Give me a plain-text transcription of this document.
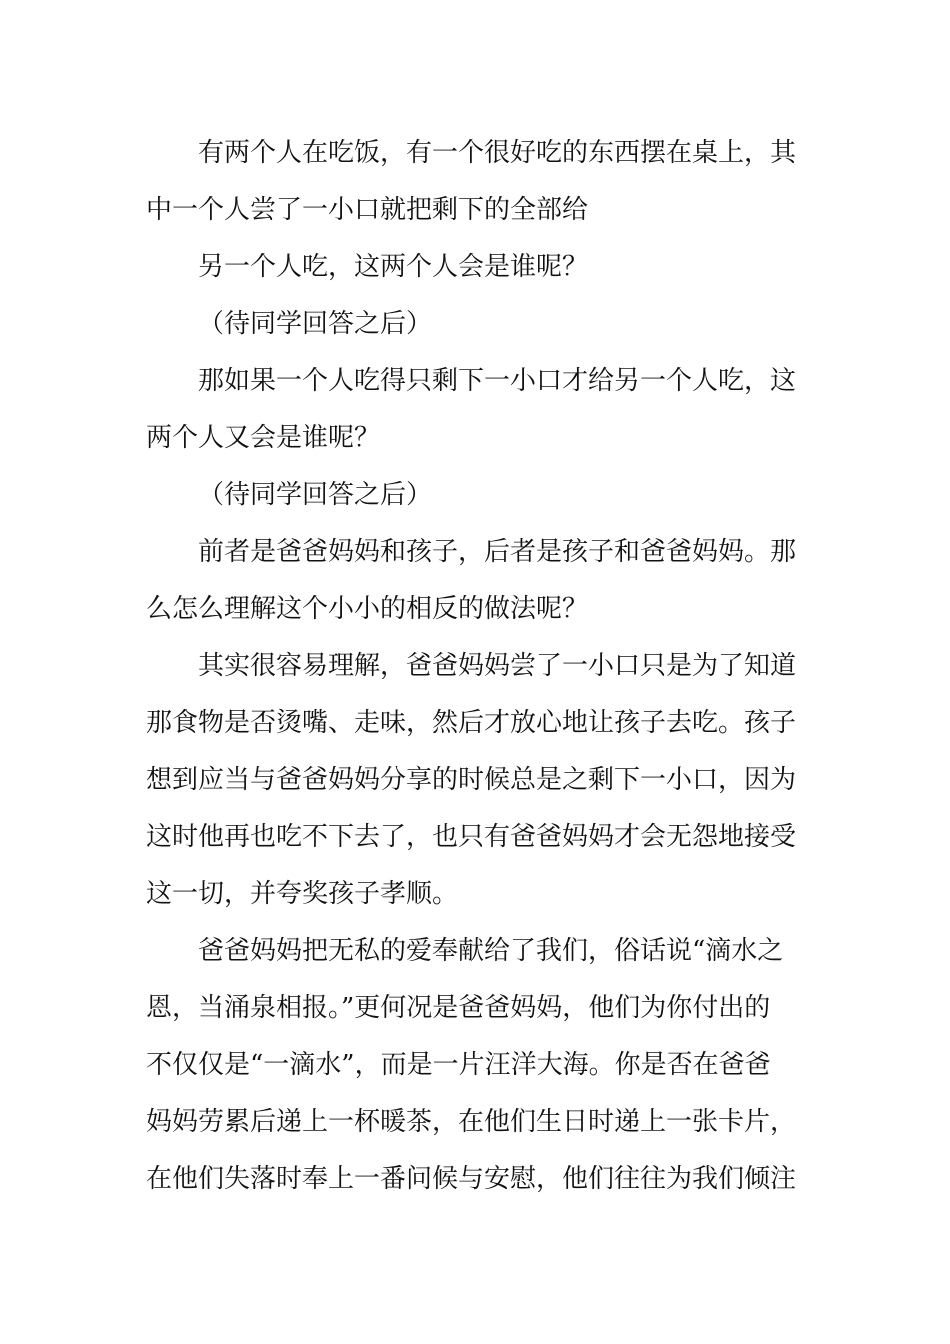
有两个人在吃饭，有一个很好吃的东西摆在桌上，其
中一个人尝了一小口就把剩下的全部给
另一个人吃，这两个人会是谁呢？
（待同学回答之后）
那如果一个人吃得只剩下一小口才给另一个人吃，这
两个人又会是谁呢？
（待同学回答之后）
前者是爸爸妈妈和孩子，后者是孩子和爸爸妈妈。那
么怎么理解这个小小的相反的做法呢？
其实很容易理解，爸爸妈妈尝了一小口只是为了知道
那食物是否烫嘴、走味，然后才放心地让孩子去吃。孩子
想到应当与爸爸妈妈分享的时候总是之剩下一小口，因为
这时他再也吃不下去了，也只有爸爸妈妈才会无怨地接受
这一切，并夸奖孩子孝顺。
爸爸妈妈把无私的爱奉献给了我们，俗话说“滴水之
恩，当涌泉相报。”更何况是爸爸妈妈，他们为你付出的
不仅仅是“一滴水”，而是一片汪洋大海。你是否在爸爸
妈妈劳累后递上一杯暖茶，在他们生日时递上一张卡片，
在他们失落时奉上一番问候与安慰，他们往往为我们倾注
